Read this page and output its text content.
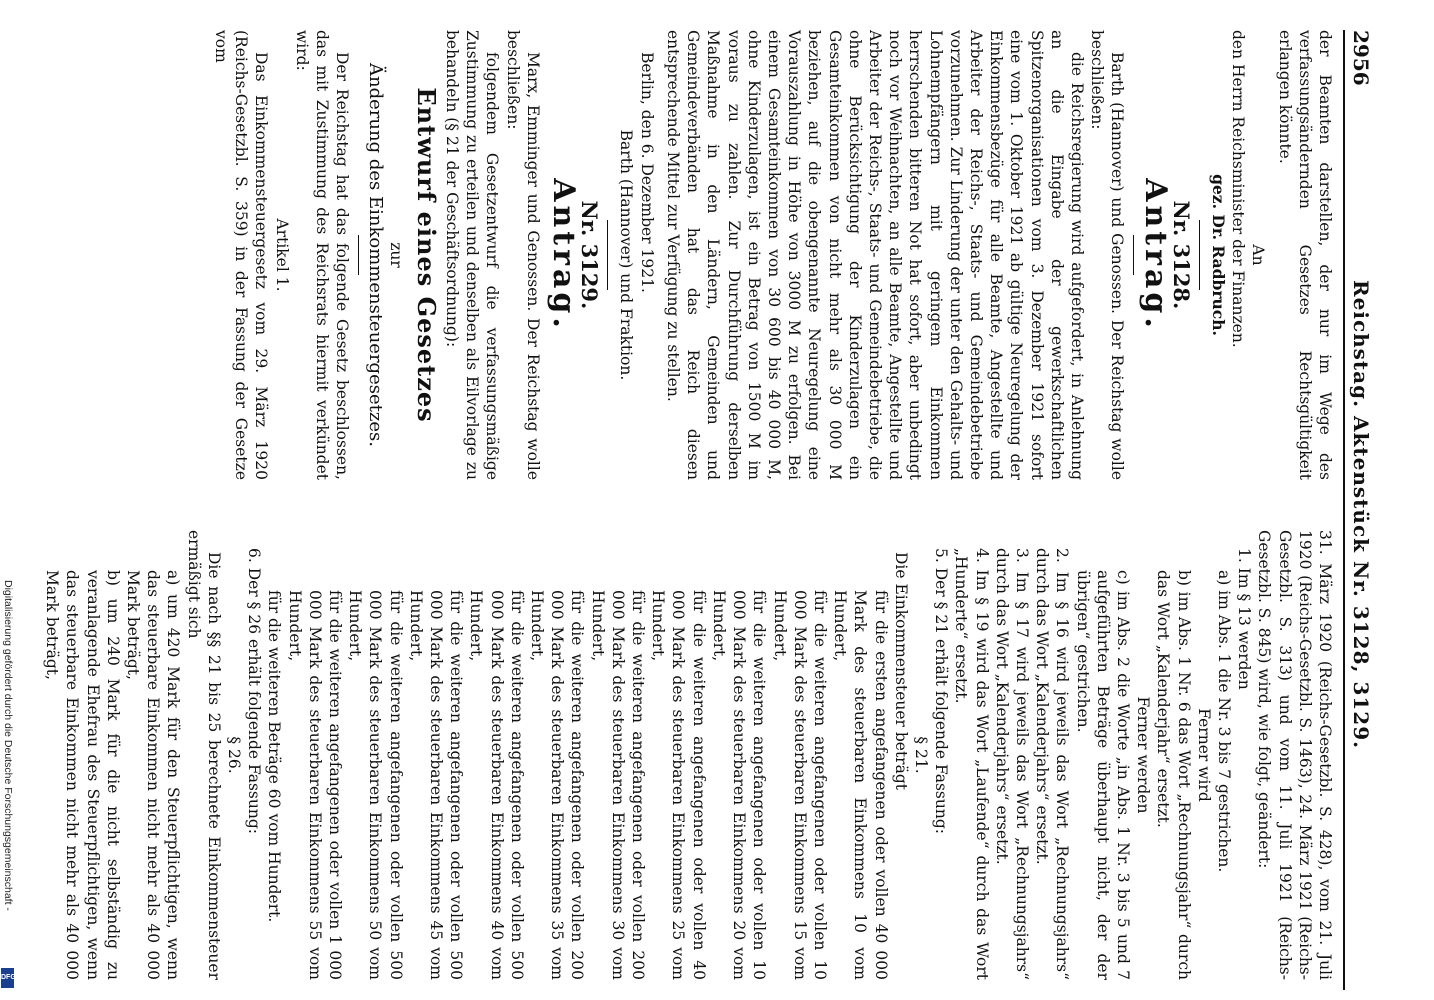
2956
Reichstag. Aktenstück Nr. 3128, 3129.

der Beamten darstellen, der nur im Wege des verfassungsändernden Gesetzes Rechtsgültigkeit erlangen könnte.

An

den Herrn Reichsminister der Finanzen.

gez. Dr. Radbruch.

Nr. 3128.

Antrag.

Barth (Hannover) und Genossen. Der Reichstag wolle beschließen:

die Reichsregierung wird aufgefordert, in Anlehnung an die Eingabe der gewerkschaftlichen Spitzenorganisationen vom 3. Dezember 1921 sofort eine vom 1. Oktober 1921 ab gültige Neuregelung der Einkommensbezüge für alle Beamte, Angestellte und Arbeiter der Reichs-, Staats- und Gemeindebetriebe vorzunehmen. Zur Linderung der unter den Gehalts- und Lohnempfängern mit geringem Einkommen herrschenden bitteren Not hat sofort, aber unbedingt noch vor Weihnachten, an alle Beamte, Angestellte und Arbeiter der Reichs-, Staats- und Gemeindebetriebe, die ohne Berücksichtigung der Kinderzulagen ein Gesamteinkommen von nicht mehr als 30 000 M beziehen, auf die obengenannte Neuregelung eine Vorauszahlung in Höhe von 3000 M zu erfolgen. Bei einem Gesamteinkommen von 30 600 bis 40 000 M, ohne Kinderzulagen, ist ein Betrag von 1500 M im voraus zu zahlen. Zur Durchführung derselben Maßnahme in den Ländern, Gemeinden und Gemeindeverbänden hat das Reich diesen entsprechende Mittel zur Verfügung zu stellen.

Berlin, den 6. Dezember 1921.

Barth (Hannover) und Fraktion.

Nr. 3129.

Antrag.

Marx, Emminger und Genossen. Der Reichstag wolle beschließen:

folgendem Gesetzentwurf die verfassungsmäßige Zustimmung zu erteilen und denselben als Eilvorlage zu behandeln (§ 21 der Geschäftsordnung):

Entwurf eines Gesetzes

zur

Änderung des Einkommensteuergesetzes.

Der Reichstag hat das folgende Gesetz beschlossen, das mit Zustimmung des Reichsrats hiermit verkündet wird:

Artikel 1.

Das Einkommensteuergesetz vom 29. März 1920 (Reichs-Gesetzbl. S. 359) in der Fassung der Gesetze vom

31. März 1920 (Reichs-Gesetzbl. S. 428), vom 21. Juli 1920 (Reichs-Gesetzbl. S. 1463), 24. März 1921 (Reichs-Gesetzbl. S. 313) und vom 11. Juli 1921 (Reichs-Gesetzbl. S. 845) wird, wie folgt, geändert:

1. Im § 13 werden

a) im Abs. 1 die Nr. 3 bis 7 gestrichen.

Ferner wird

b) im Abs. 1 Nr. 6 das Wort „Rechnungsjahr“ durch das Wort „Kalenderjahr“ ersetzt.

Ferner werden

c) im Abs. 2 die Worte „in Abs. 1 Nr. 3 bis 5 und 7 aufgeführten Beträge überhaupt nicht, der der übrigen“ gestrichen.

2. Im § 16 wird jeweils das Wort „Rechnungsjahrs“ durch das Wort „Kalenderjahrs“ ersetzt.

3. Im § 17 wird jeweils das Wort „Rechnungsjahrs“ durch das Wort „Kalenderjahrs“ ersetzt.

4. Im § 19 wird das Wort „Laufende“ durch das Wort „Hunderte“ ersetzt.

5. Der § 21 erhält folgende Fassung:

§ 21.

Die Einkommensteuer beträgt

für die ersten angefangenen oder vollen 40 000 Mark des steuerbaren Einkommens 10 vom Hundert,

für die weiteren angefangenen oder vollen 10 000 Mark des steuerbaren Einkommens 15 vom Hundert,

für die weiteren angefangenen oder vollen 10 000 Mark des steuerbaren Einkommens 20 vom Hundert,

für die weiteren angefangenen oder vollen 40 000 Mark des steuerbaren Einkommens 25 vom Hundert,

für die weiteren angefangenen oder vollen 200 000 Mark des steuerbaren Einkommens 30 vom Hundert,

für die weiteren angefangenen oder vollen 200 000 Mark des steuerbaren Einkommens 35 vom Hundert,

für die weiteren angefangenen oder vollen 500 000 Mark des steuerbaren Einkommens 40 vom Hundert,

für die weiteren angefangenen oder vollen 500 000 Mark des steuerbaren Einkommens 45 vom Hundert,

für die weiteren angefangenen oder vollen 500 000 Mark des steuerbaren Einkommens 50 vom Hundert,

für die weiteren angefangenen oder vollen 1 000 000 Mark des steuerbaren Einkommens 55 vom Hundert,

für die weiteren Beträge 60 vom Hundert.

6. Der § 26 erhält folgende Fassung:

§ 26.

Die nach §§ 21 bis 25 berechnete Einkommensteuer ermäßigt sich

a) um 420 Mark für den Steuerpflichtigen, wenn das steuerbare Einkommen nicht mehr als 40 000 Mark beträgt,

b) um 240 Mark für die nicht selbständig zu veranlagende Ehefrau des Steuerpflichtigen, wenn das steuerbare Einkommen nicht mehr als 40 000 Mark beträgt,

Digitalisierung gefördert durch die Deutsche Forschungsgemeinschaft -
DFG
